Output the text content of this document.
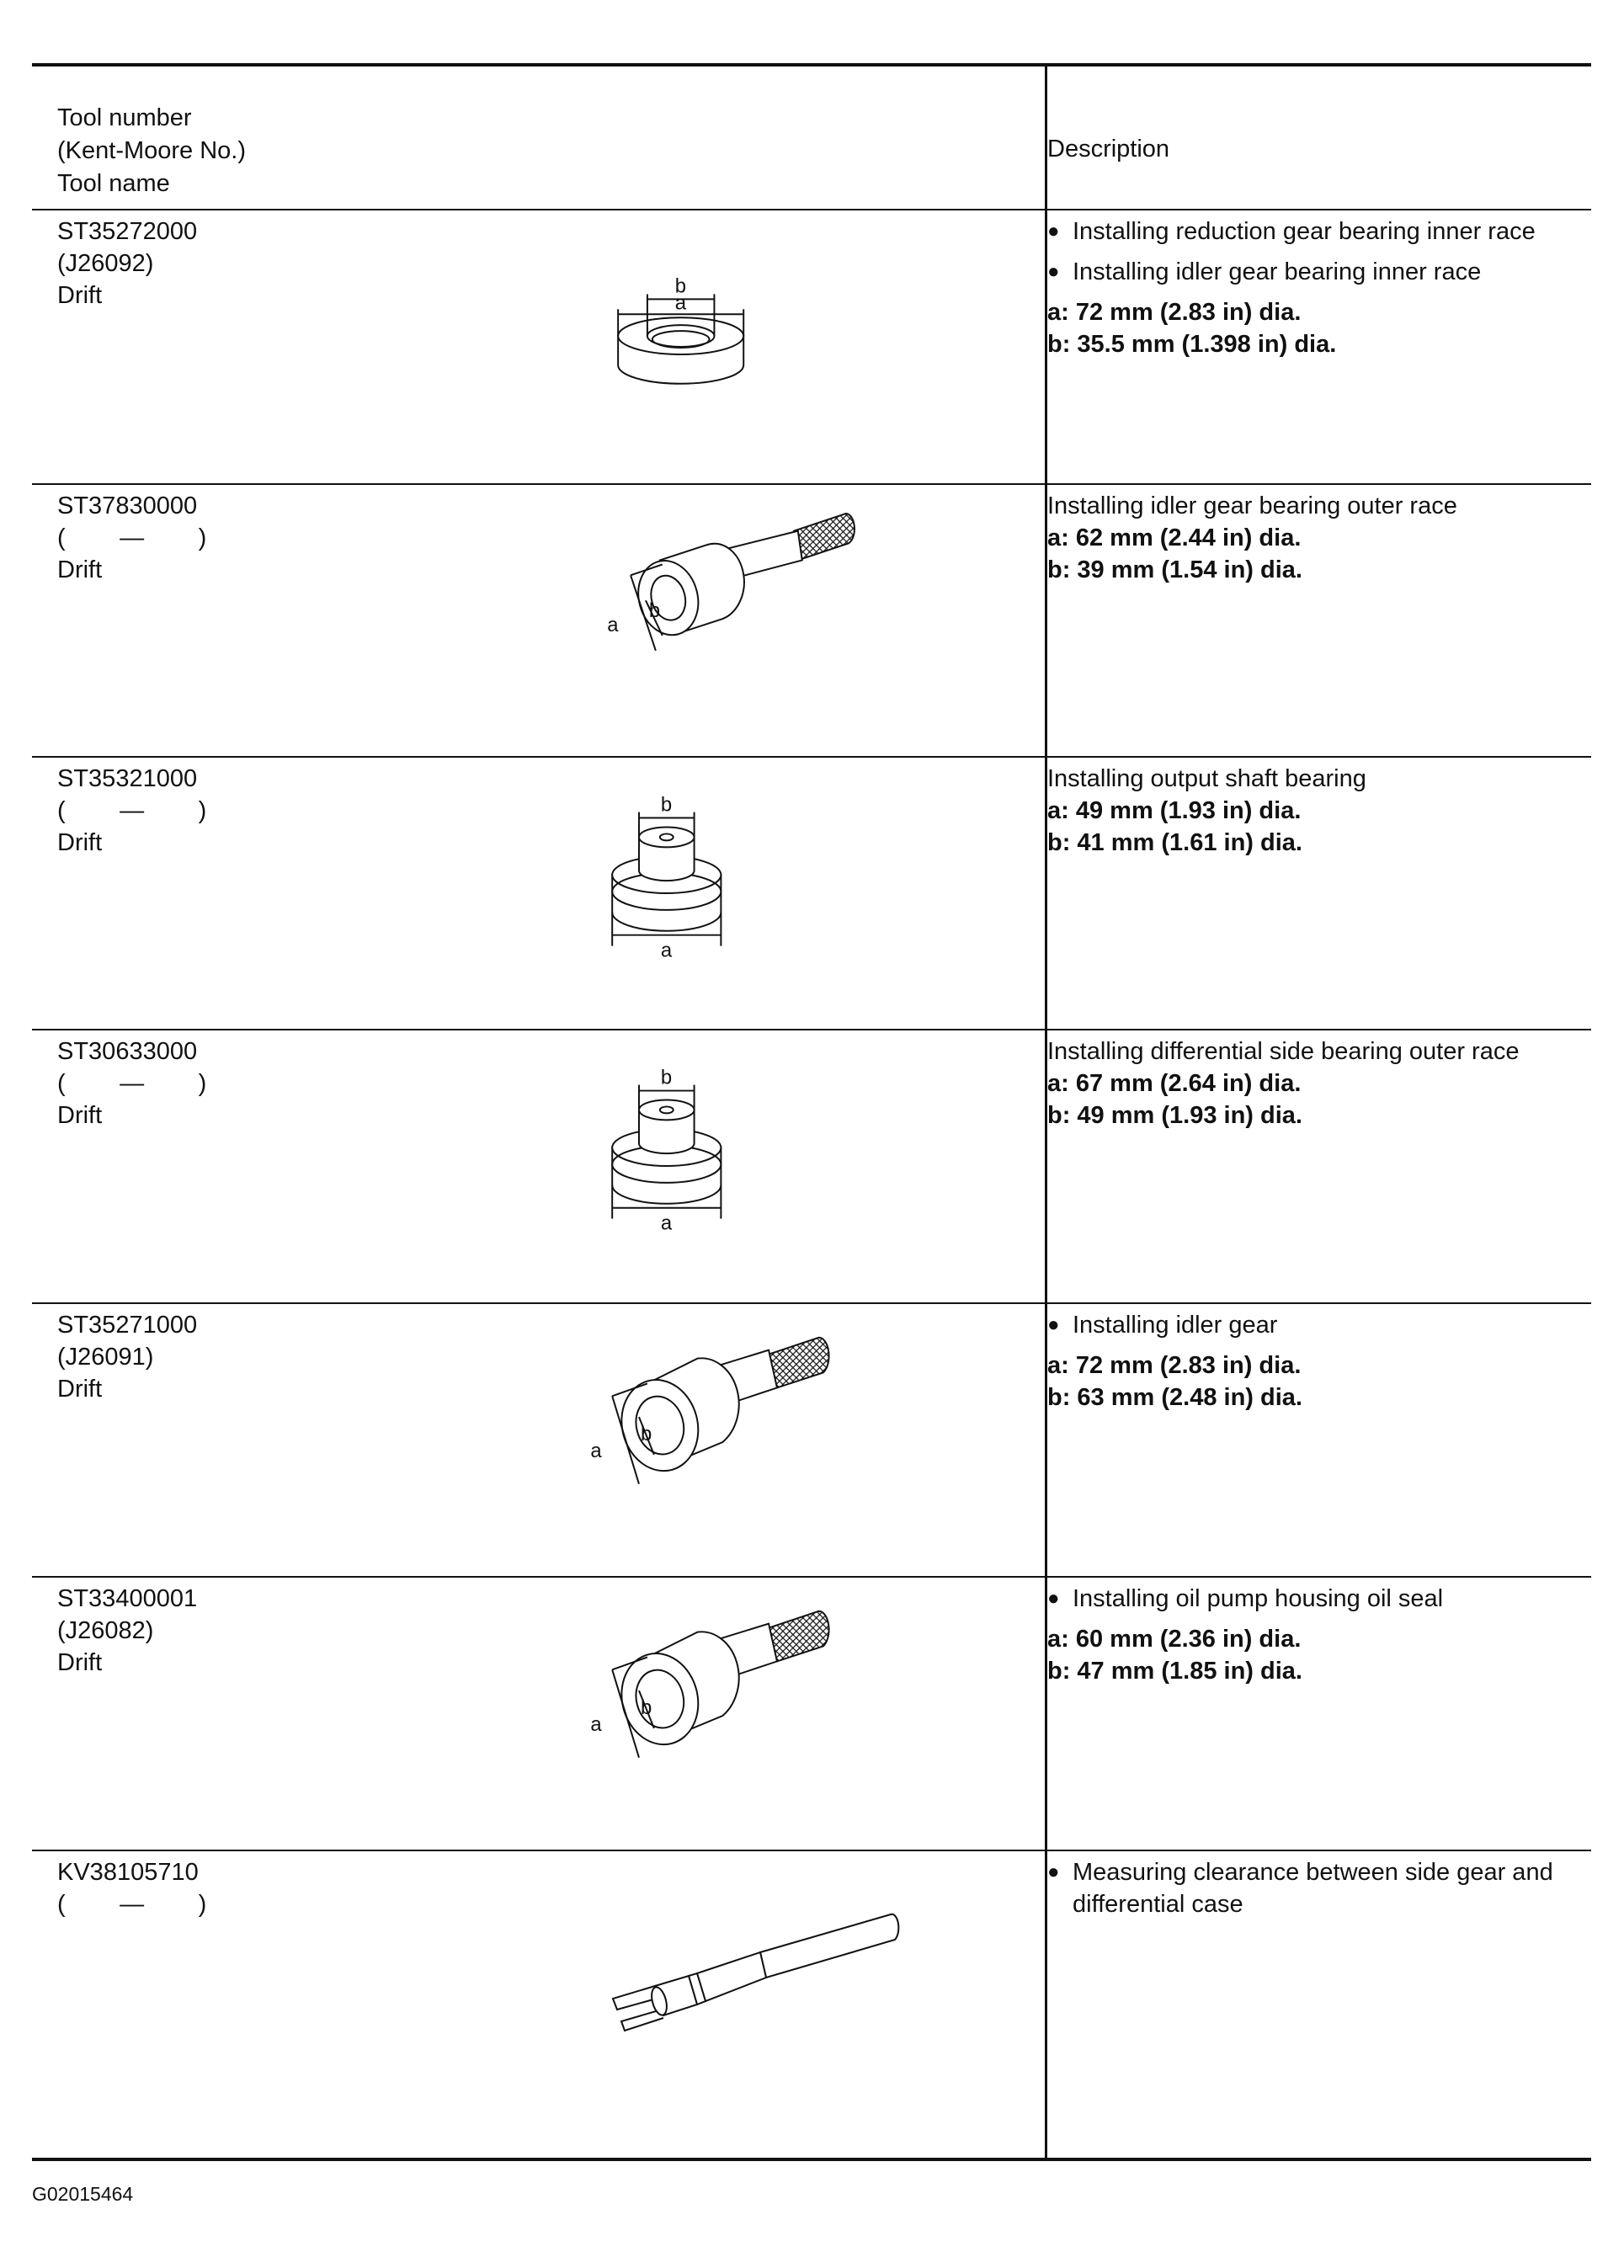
Tool number
(Kent-Moore No.)
Tool name
Description
ST35272000
(J26092)
Drift	a
b
● Installing reduction gear bearing inner race
● Installing idler gear bearing inner race
a: 72 mm (2.83 in) dia.
b: 35.5 mm (1.398 in) dia.
ST37830000
(        —        )
Drift
a
b
Installing idler gear bearing outer race
a: 62 mm (2.44 in) dia.
b: 39 mm (1.54 in) dia.
ST35321000
(        —        )
Drift
b
a
Installing output shaft bearing
a: 49 mm (1.93 in) dia.
b: 41 mm (1.61 in) dia.
ST30633000
(        —        )
Drift
b
a
Installing differential side bearing outer race
a: 67 mm (2.64 in) dia.
b: 49 mm (1.93 in) dia.
ST35271000
(J26091)
Drift
a
b
● Installing idler gear
a: 72 mm (2.83 in) dia.
b: 63 mm (2.48 in) dia.
ST33400001
(J26082)
Drift
a
b
● Installing oil pump housing oil seal
a: 60 mm (2.36 in) dia.
b: 47 mm (1.85 in) dia.
KV38105710
(        —        )
● Measuring clearance between side gear and differential case
G02015464
